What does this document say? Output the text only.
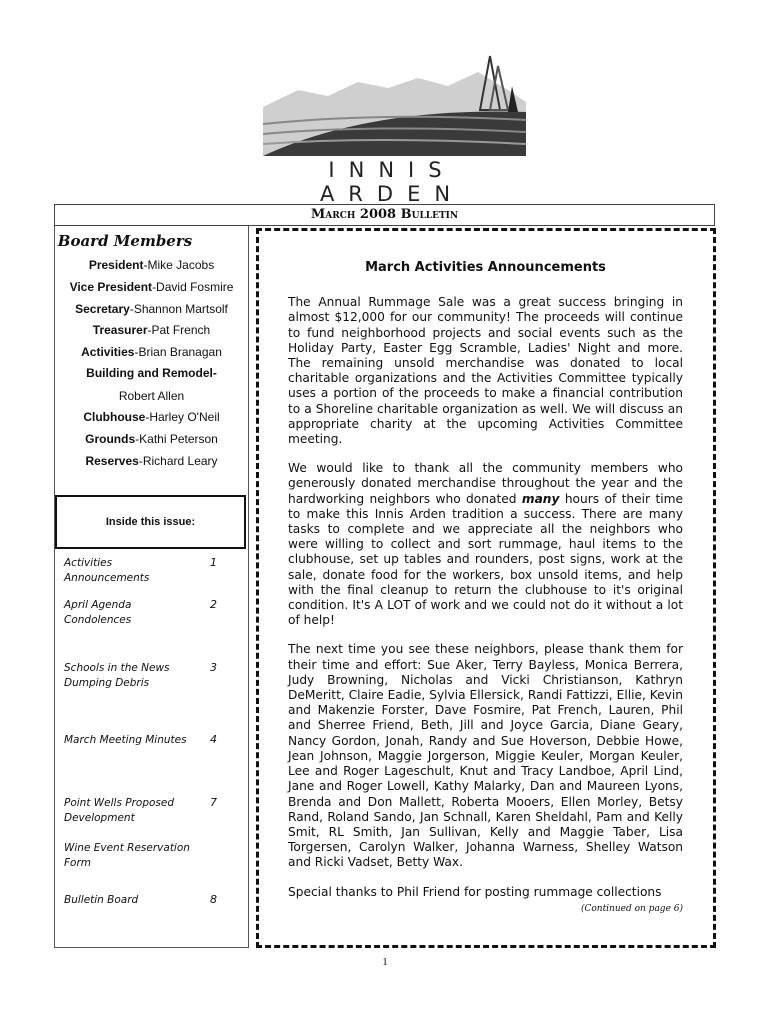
INNIS ARDEN
March 2008 Bulletin
Board Members
President-Mike Jacobs
Vice President-David Fosmire
Secretary-Shannon Martsolf
Treasurer-Pat French
Activities-Brian Branagan
Building and Remodel-
Robert Allen
Clubhouse-Harley O'Neil
Grounds-Kathi Peterson
Reserves-Richard Leary
Inside this issue:
Activities Announcements
1
April Agenda
Condolences
2
Schools in the News
Dumping Debris
3
March Meeting Minutes	4
Point Wells Proposed
Development
7
Wine Event Reservation
Form
Bulletin Board	8
March Activities Announcements

The Annual Rummage Sale was a great success bringing in almost $12,000 for our community! The proceeds will continue to fund neighborhood projects and social events such as the Holiday Party, Easter Egg Scramble, Ladies' Night and more. The remaining unsold merchandise was donated to local charitable organizations and the Activities Committee typically uses a portion of the proceeds to make a financial contribution to a Shoreline charitable organization as well. We will discuss an appropriate charity at the upcoming Activities Committee meeting.

We would like to thank all the community members who generously donated merchandise throughout the year and the hardworking neighbors who donated many hours of their time to make this Innis Arden tradition a success. There are many tasks to complete and we appreciate all the neighbors who were willing to collect and sort rummage, haul items to the clubhouse, set up tables and rounders, post signs, work at the sale, donate food for the workers, box unsold items, and help with the final cleanup to return the clubhouse to it's original condition. It's A LOT of work and we could not do it without a lot of help!

The next time you see these neighbors, please thank them for their time and effort: Sue Aker, Terry Bayless, Monica Berrera, Judy Browning, Nicholas and Vicki Christianson, Kathryn DeMeritt, Claire Eadie, Sylvia Ellersick, Randi Fattizzi, Ellie, Kevin and Makenzie Forster, Dave Fosmire, Pat French, Lauren, Phil and Sherree Friend, Beth, Jill and Joyce Garcia, Diane Geary, Nancy Gordon, Jonah, Randy and Sue Hoverson, Debbie Howe, Jean Johnson, Maggie Jorgerson, Miggie Keuler, Morgan Keuler, Lee and Roger Lageschult, Knut and Tracy Landboe, April Lind, Jane and Roger Lowell, Kathy Malarky, Dan and Maureen Lyons, Brenda and Don Mallett, Roberta Mooers, Ellen Morley, Betsy Rand, Roland Sando, Jan Schnall, Karen Sheldahl, Pam and Kelly Smit, RL Smith, Jan Sullivan, Kelly and Maggie Taber, Lisa Torgersen, Carolyn Walker, Johanna Warness, Shelley Watson and Ricki Vadset, Betty Wax.

Special thanks to Phil Friend for posting rummage collections

(Continued on page 6)
1
